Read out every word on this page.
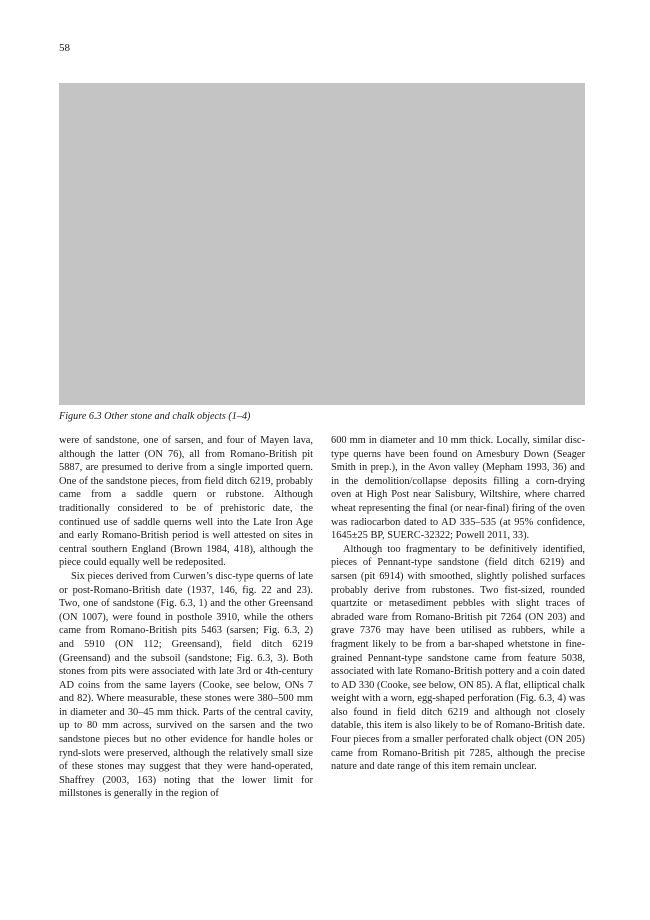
58
Figure 6.3 Other stone and chalk objects (1–4)

were of sandstone, one of sarsen, and four of Mayen lava, although the latter (ON 76), all from Romano-British pit 5887, are presumed to derive from a single imported quern. One of the sandstone pieces, from field ditch 6219, probably came from a saddle quern or rubstone. Although traditionally considered to be of prehistoric date, the continued use of saddle querns well into the Late Iron Age and early Romano-British period is well attested on sites in central southern England (Brown 1984, 418), although the piece could equally well be redeposited.

Six pieces derived from Curwen’s disc-type querns of late or post-Romano-British date (1937, 146, fig. 22 and 23). Two, one of sandstone (Fig. 6.3, 1) and the other Greensand (ON 1007), were found in posthole 3910, while the others came from Romano-British pits 5463 (sarsen; Fig. 6.3, 2) and 5910 (ON 112; Greensand), field ditch 6219 (Greensand) and the subsoil (sandstone; Fig. 6.3, 3). Both stones from pits were associated with late 3rd or 4th-century AD coins from the same layers (Cooke, see below, ONs 7 and 82). Where measurable, these stones were 380–500 mm in diameter and 30–45 mm thick. Parts of the central cavity, up to 80 mm across, survived on the sarsen and the two sandstone pieces but no other evidence for handle holes or rynd-slots were preserved, although the relatively small size of these stones may suggest that they were hand-operated, Shaffrey (2003, 163) noting that the lower limit for millstones is generally in the region of

600 mm in diameter and 10 mm thick. Locally, similar disc-type querns have been found on Amesbury Down (Seager Smith in prep.), in the Avon valley (Mepham 1993, 36) and in the demolition/collapse deposits filling a corn-drying oven at High Post near Salisbury, Wiltshire, where charred wheat representing the final (or near-final) firing of the oven was radiocarbon dated to AD 335–535 (at 95% confidence, 1645±25 BP, SUERC-32322; Powell 2011, 33).

Although too fragmentary to be definitively identified, pieces of Pennant-type sandstone (field ditch 6219) and sarsen (pit 6914) with smoothed, slightly polished surfaces probably derive from rubstones. Two fist-sized, rounded quartzite or metasediment pebbles with slight traces of abraded ware from Romano-British pit 7264 (ON 203) and grave 7376 may have been utilised as rubbers, while a fragment likely to be from a bar-shaped whetstone in fine-grained Pennant-type sandstone came from feature 5038, associated with late Romano-British pottery and a coin dated to AD 330 (Cooke, see below, ON 85). A flat, elliptical chalk weight with a worn, egg-shaped perforation (Fig. 6.3, 4) was also found in field ditch 6219 and although not closely datable, this item is also likely to be of Romano-British date. Four pieces from a smaller perforated chalk object (ON 205) came from Romano-British pit 7285, although the precise nature and date range of this item remain unclear.
